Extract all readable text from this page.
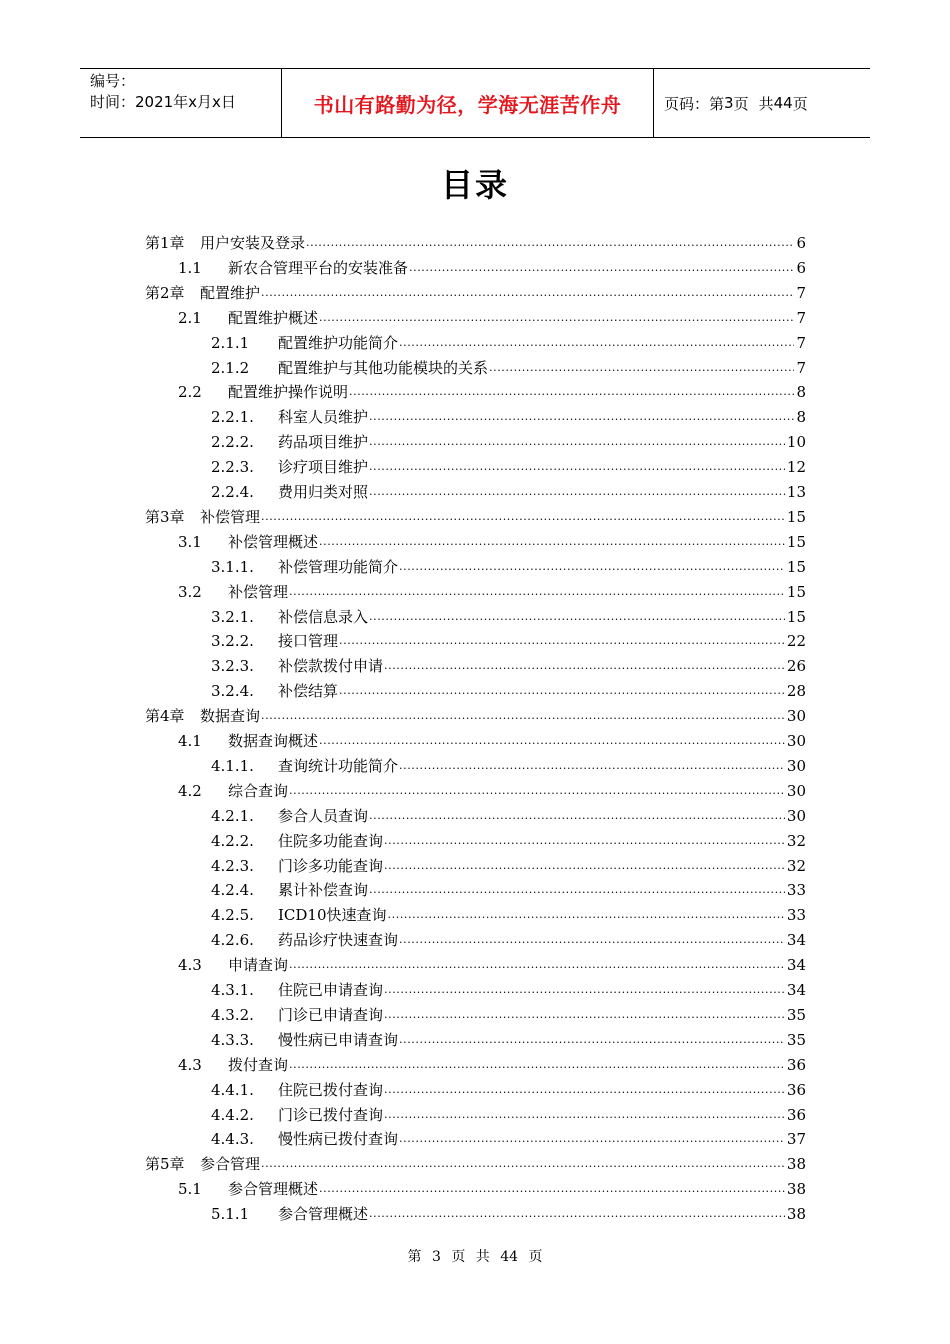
编号：
时间：2021年x月x日	书山有路勤为径，学海无涯苦作舟	页码：第 3 页 共 44 页
目录
第1章	用户安装及登录 .....	6
1.1	新农合管理平台的安装准备 .....	6
第2章	配置维护 .....	7
2.1	配置维护概述 .....	7
2.1.1	配置维护功能简介 .....	7
2.1.2	配置维护与其他功能模块的关系 .....	7
2.2	配置维护操作说明 .....	8
2.2.1.	科室人员维护 .....	8
2.2.2.	药品项目维护 .....	10
2.2.3.	诊疗项目维护 .....	12
2.2.4.	费用归类对照 .....	13
第3章	补偿管理 .....	15
3.1	补偿管理概述 .....	15
3.1.1.	补偿管理功能简介 .....	15
3.2	补偿管理 .....	15
3.2.1.	补偿信息录入 .....	15
3.2.2.	接口管理 .....	22
3.2.3.	补偿款拨付申请 .....	26
3.2.4.	补偿结算 .....	28
第4章	数据查询 .....	30
4.1	数据查询概述 .....	30
4.1.1.	查询统计功能简介 .....	30
4.2	综合查询 .....	30
4.2.1.	参合人员查询 .....	30
4.2.2.	住院多功能查询 .....	32
4.2.3.	门诊多功能查询 .....	32
4.2.4.	累计补偿查询 .....	33
4.2.5.	ICD10快速查询 .....	33
4.2.6.	药品诊疗快速查询 .....	34
4.3	申请查询 .....	34
4.3.1.	住院已申请查询 .....	34
4.3.2.	门诊已申请查询 .....	35
4.3.3.	慢性病已申请查询 .....	35
4.3	拨付查询 .....	36
4.4.1.	住院已拨付查询 .....	36
4.4.2.	门诊已拨付查询 .....	36
4.4.3.	慢性病已拨付查询 .....	37
第5章	参合管理 .....	38
5.1	参合管理概述 .....	38
5.1.1	参合管理概述 .....	38
第 3 页 共 44 页
